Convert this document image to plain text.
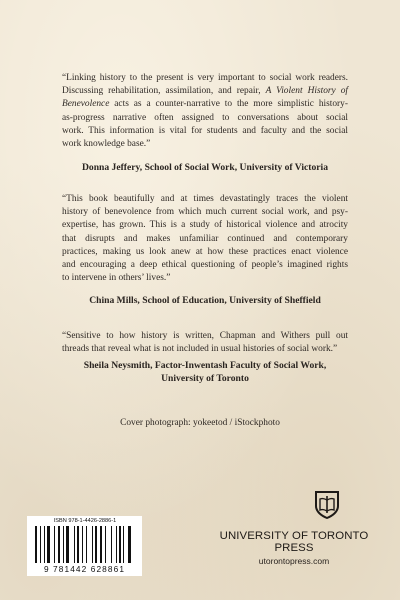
“Linking history to the present is very important to social work readers.

Discussing rehabilitation, assimilation, and repair, A Violent History of

Benevolence acts as a counter-narrative to the more simplistic history-

as-progress narrative often assigned to conversations about social

work. This information is vital for students and faculty and the social

work knowledge base.”

Donna Jeffery, School of Social Work, University of Victoria

“This book beautifully and at times devastatingly traces the violent

history of benevolence from which much current social work, and psy-

expertise, has grown. This is a study of historical violence and atrocity

that disrupts and makes unfamiliar continued and contemporary

practices, making us look anew at how these practices enact violence

and encouraging a deep ethical questioning of people’s imagined rights

to intervene in others’ lives.”

China Mills, School of Education, University of Sheffield

“Sensitive to how history is written, Chapman and Withers pull out

threads that reveal what is not included in usual histories of social work.”

Sheila Neysmith, Factor-Inwentash Faculty of Social Work,
University of Toronto
Cover photograph: yokeetod / iStockphoto
UNIVERSITY OF TORONTO PRESS
utorontopress.com
ISBN 978-1-4426-2886-1
9 781442 628861
